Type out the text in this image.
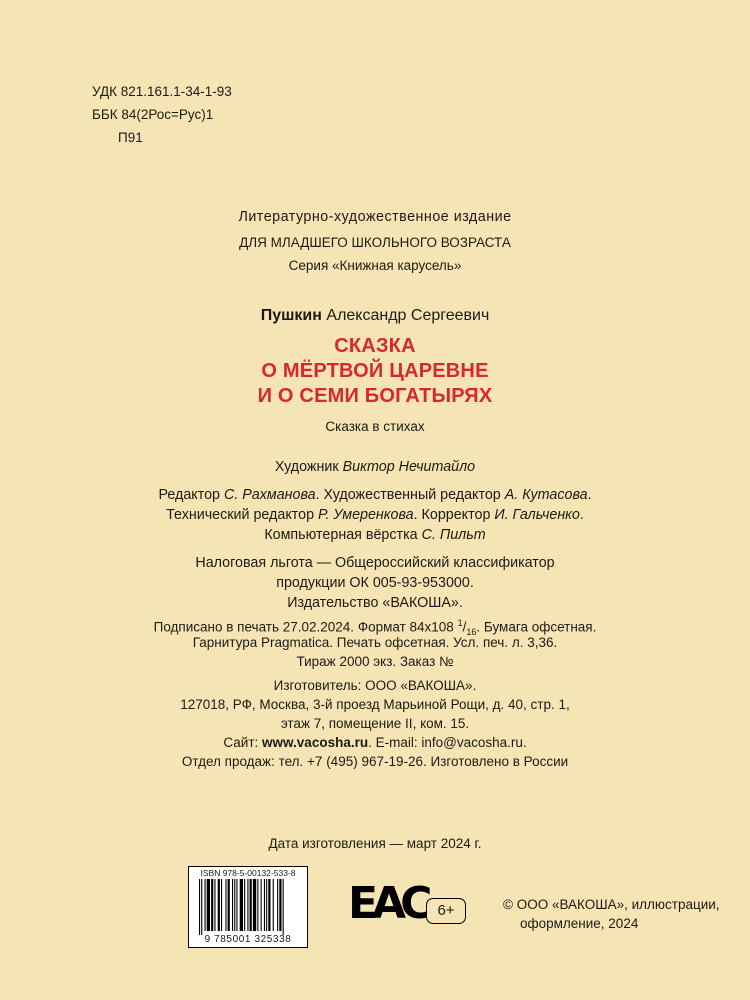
УДК 821.161.1-34-1-93
ББК 84(2Рос=Рус)1
П91
Литературно-художественное издание
ДЛЯ МЛАДШЕГО ШКОЛЬНОГО ВОЗРАСТА
Серия «Книжная карусель»
Пушкин Александр Сергеевич
СКАЗКА
О МЁРТВОЙ ЦАРЕВНЕ
И О СЕМИ БОГАТЫРЯХ
Сказка в стихах
Художник Виктор Нечитайло
Редактор С. Рахманова. Художественный редактор А. Кутасова.
Технический редактор Р. Умеренкова. Корректор И. Гальченко.
Компьютерная вёрстка С. Пильт
Налоговая льгота — Общероссийский классификатор
продукции ОК 005-93-953000.
Издательство «ВАКОША».
Подписано в печать 27.02.2024. Формат 84x108 $^1/_{16}$. Бумага офсетная.
Гарнитура Pragmatica. Печать офсетная. Усл. печ. л. 3,36.
Тираж 2000 экз. Заказ №
Изготовитель: ООО «ВАКОША».
127018, РФ, Москва, 3-й проезд Марьиной Рощи, д. 40, стр. 1,
этаж 7, помещение II, ком. 15.
Сайт: www.vacosha.ru. E-mail: info@vacosha.ru.
Отдел продаж: тел. +7 (495) 967-19-26. Изготовлено в России
Дата изготовления — март 2024 г.
ISBN 978-5-00132-533-8
9 785001 325338
EAC 6+	© ООО «ВАКОША», иллюстрации,
оформление, 2024
